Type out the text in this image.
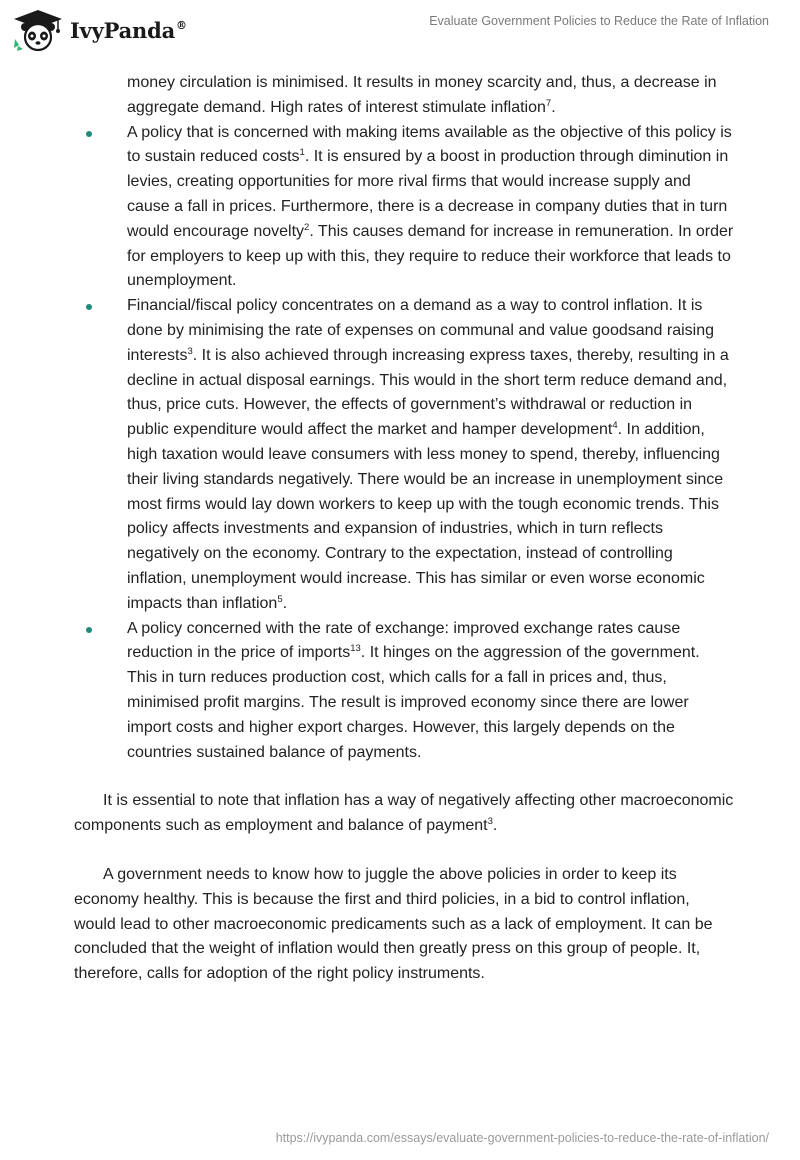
IvyPanda®	Evaluate Government Policies to Reduce the Rate of Inflation
money circulation is minimised. It results in money scarcity and, thus, a decrease in aggregate demand. High rates of interest stimulate inflation$^7$.
A policy that is concerned with making items available as the objective of this policy is to sustain reduced costs$^1$. It is ensured by a boost in production through diminution in levies, creating opportunities for more rival firms that would increase supply and cause a fall in prices. Furthermore, there is a decrease in company duties that in turn would encourage novelty$^2$. This causes demand for increase in remuneration. In order for employers to keep up with this, they require to reduce their workforce that leads to unemployment.
Financial/fiscal policy concentrates on a demand as a way to control inflation. It is done by minimising the rate of expenses on communal and value goodsand raising interests$^3$. It is also achieved through increasing express taxes, thereby, resulting in a decline in actual disposal earnings. This would in the short term reduce demand and, thus, price cuts. However, the effects of government’s withdrawal or reduction in public expenditure would affect the market and hamper development$^4$. In addition, high taxation would leave consumers with less money to spend, thereby, influencing their living standards negatively. There would be an increase in unemployment since most firms would lay down workers to keep up with the tough economic trends. This policy affects investments and expansion of industries, which in turn reflects negatively on the economy. Contrary to the expectation, instead of controlling inflation, unemployment would increase. This has similar or even worse economic impacts than inflation$^5$.
A policy concerned with the rate of exchange: improved exchange rates cause reduction in the price of imports$^{13}$. It hinges on the aggression of the government. This in turn reduces production cost, which calls for a fall in prices and, thus, minimised profit margins. The result is improved economy since there are lower import costs and higher export charges. However, this largely depends on the countries sustained balance of payments.

It is essential to note that inflation has a way of negatively affecting other macroeconomic components such as employment and balance of payment$^3$.

A government needs to know how to juggle the above policies in order to keep its economy healthy. This is because the first and third policies, in a bid to control inflation, would lead to other macroeconomic predicaments such as a lack of employment. It can be concluded that the weight of inflation would then greatly press on this group of people. It, therefore, calls for adoption of the right policy instruments.

https://ivypanda.com/essays/evaluate-government-policies-to-reduce-the-rate-of-inflation/
